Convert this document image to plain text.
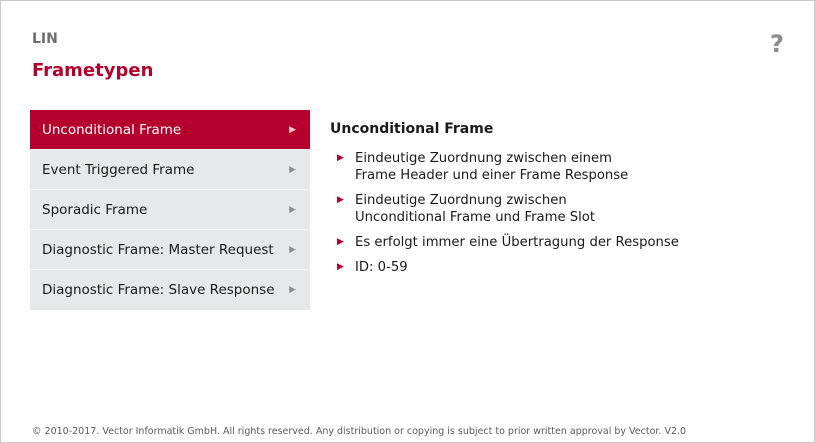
LIN
Frametypen
?
Unconditional Frame	▶
Event Triggered Frame	▶
Sporadic Frame	▶
Diagnostic Frame: Master Request ▶
Diagnostic Frame: Slave Response ▶
Unconditional Frame
▶ Eindeutige Zuordnung zwischen einem
Frame Header und einer Frame Response
▶ Eindeutige Zuordnung zwischen
Unconditional Frame und Frame Slot
▶ Es erfolgt immer eine Übertragung der Response
▶ ID: 0-59
© 2010-2017. Vector Informatik GmbH. All rights reserved. Any distribution or copying is subject to prior written approval by Vector. V2.0
